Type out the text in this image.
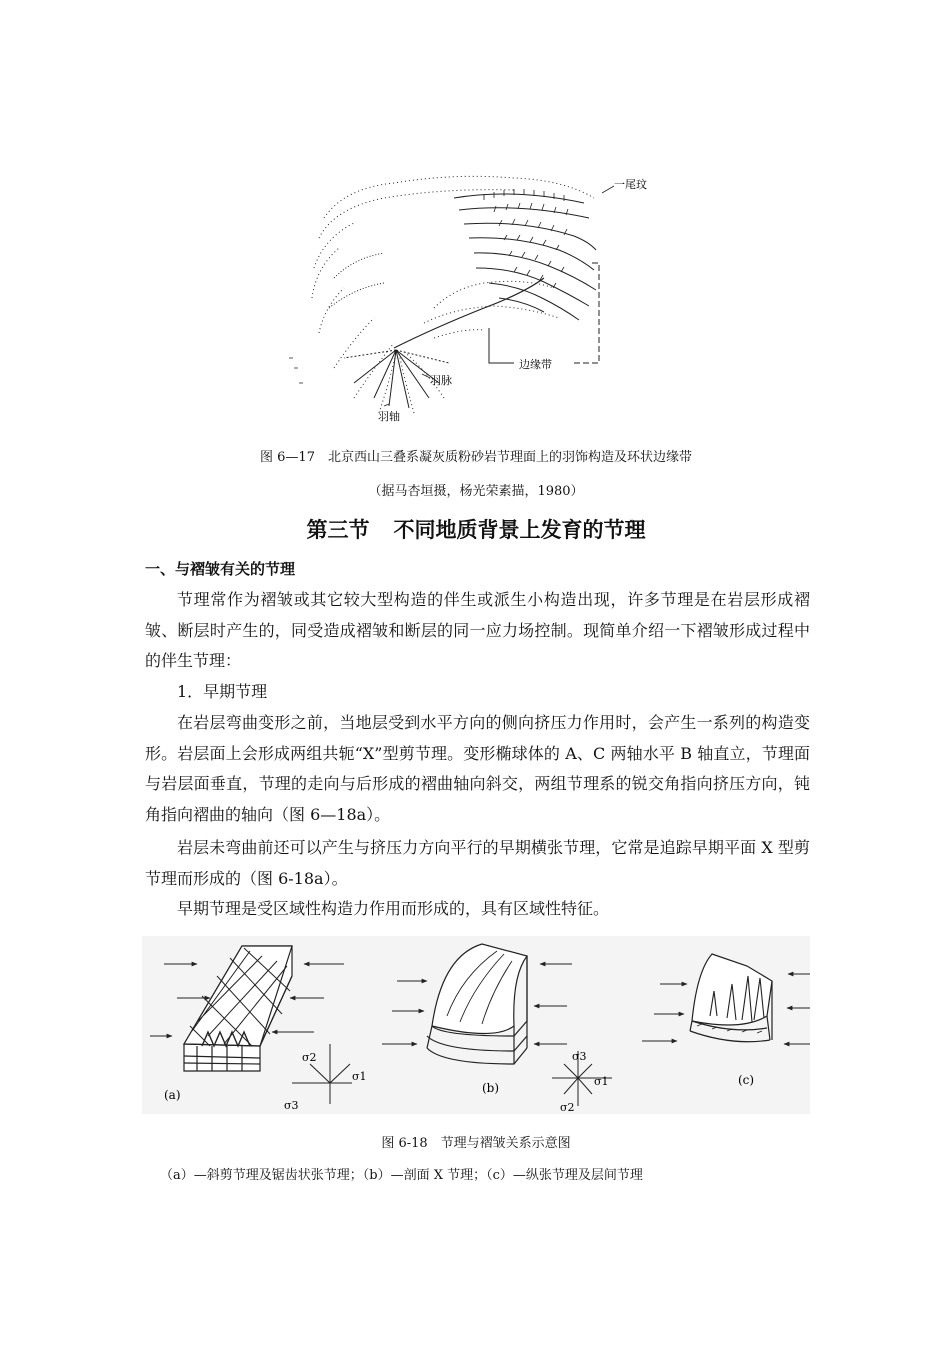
一尾玟
边缘带
羽脉
羽轴
图 6—17　北京西山三叠系凝灰质粉砂岩节理面上的羽饰构造及环状边缘带
（据马杏垣摄，杨光荣素描，1980）
第三节 不同地质背景上发育的节理
一、与褶皱有关的节理

节理常作为褶皱或其它较大型构造的伴生或派生小构造出现，许多节理是在岩层形成褶皱、断层时产生的，同受造成褶皱和断层的同一应力场控制。现简单介绍一下褶皱形成过程中的伴生节理：

1．早期节理

在岩层弯曲变形之前，当地层受到水平方向的侧向挤压力作用时，会产生一系列的构造变形。岩层面上会形成两组共轭“X”型剪节理。变形椭球体的 A、C 两轴水平 B 轴直立，节理面与岩层面垂直，节理的走向与后形成的褶曲轴向斜交，两组节理系的锐交角指向挤压方向，钝角指向褶曲的轴向（图 6—18a）。

岩层未弯曲前还可以产生与挤压力方向平行的早期横张节理，它常是追踪早期平面 X 型剪节理而形成的（图 6-18a）。

早期节理是受区域性构造力作用而形成的，具有区域性特征。

σ2
σ1
σ3
(a)
σ3
σ1
σ2
(b)
(c)
图 6-18　节理与褶皱关系示意图
（a）—斜剪节理及锯齿状张节理；（b）—剖面 X 节理；（c）—纵张节理及层间节理
